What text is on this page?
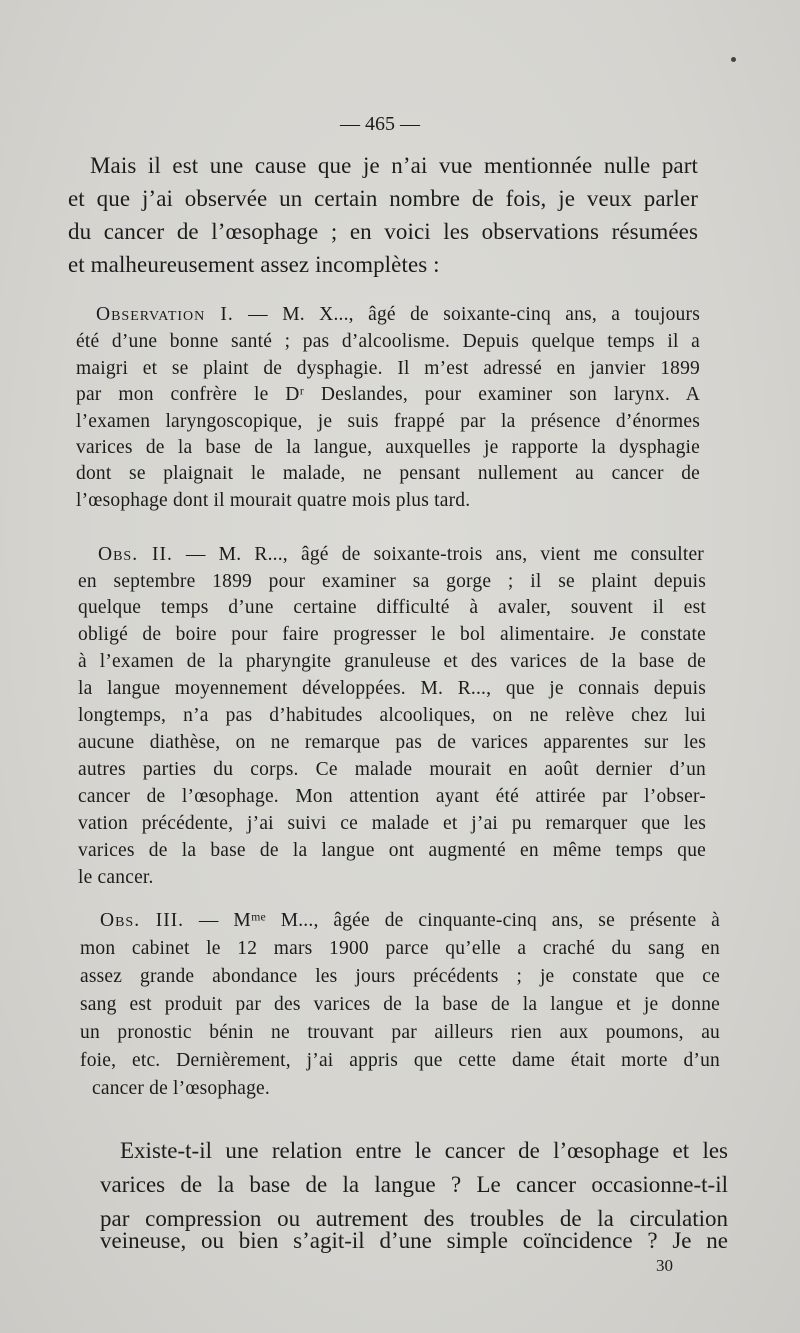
— 465 —
Mais il est une cause que je n’ai vue mentionnée nulle part
et que j’ai observée un certain nombre de fois, je veux parler
du cancer de l’œsophage ; en voici les observations résumées
et malheureusement assez incomplètes :
Observation I. — M. X..., âgé de soixante-cinq ans, a toujours
été d’une bonne santé ; pas d’alcoolisme. Depuis quelque temps il a
maigri et se plaint de dysphagie. Il m’est adressé en janvier 1899
par mon confrère le Dʳ Deslandes, pour examiner son larynx. A
l’examen laryngoscopique, je suis frappé par la présence d’énormes
varices de la base de la langue, auxquelles je rapporte la dysphagie
dont se plaignait le malade, ne pensant nullement au cancer de
l’œsophage dont il mourait quatre mois plus tard.
Obs. II. — M. R..., âgé de soixante-trois ans, vient me consulter
en septembre 1899 pour examiner sa gorge ; il se plaint depuis
quelque temps d’une certaine difficulté à avaler, souvent il est
obligé de boire pour faire progresser le bol alimentaire. Je constate
à l’examen de la pharyngite granuleuse et des varices de la base de
la langue moyennement développées. M. R..., que je connais depuis
longtemps, n’a pas d’habitudes alcooliques, on ne relève chez lui
aucune diathèse, on ne remarque pas de varices apparentes sur les
autres parties du corps. Ce malade mourait en août dernier d’un
cancer de l’œsophage. Mon attention ayant été attirée par l’obser-
vation précédente, j’ai suivi ce malade et j’ai pu remarquer que les
varices de la base de la langue ont augmenté en même temps que
le cancer.
Obs. III. — Mᵐᵉ M..., âgée de cinquante-cinq ans, se présente à
mon cabinet le 12 mars 1900 parce qu’elle a craché du sang en
assez grande abondance les jours précédents ; je constate que ce
sang est produit par des varices de la base de la langue et je donne
un pronostic bénin ne trouvant par ailleurs rien aux poumons, au
foie, etc. Dernièrement, j’ai appris que cette dame était morte d’un
cancer de l’œsophage.
Existe-t-il une relation entre le cancer de l’œsophage et les
varices de la base de la langue ? Le cancer occasionne-t-il
par compression ou autrement des troubles de la circulation
veineuse, ou bien s’agit-il d’une simple coïncidence ? Je ne
30
